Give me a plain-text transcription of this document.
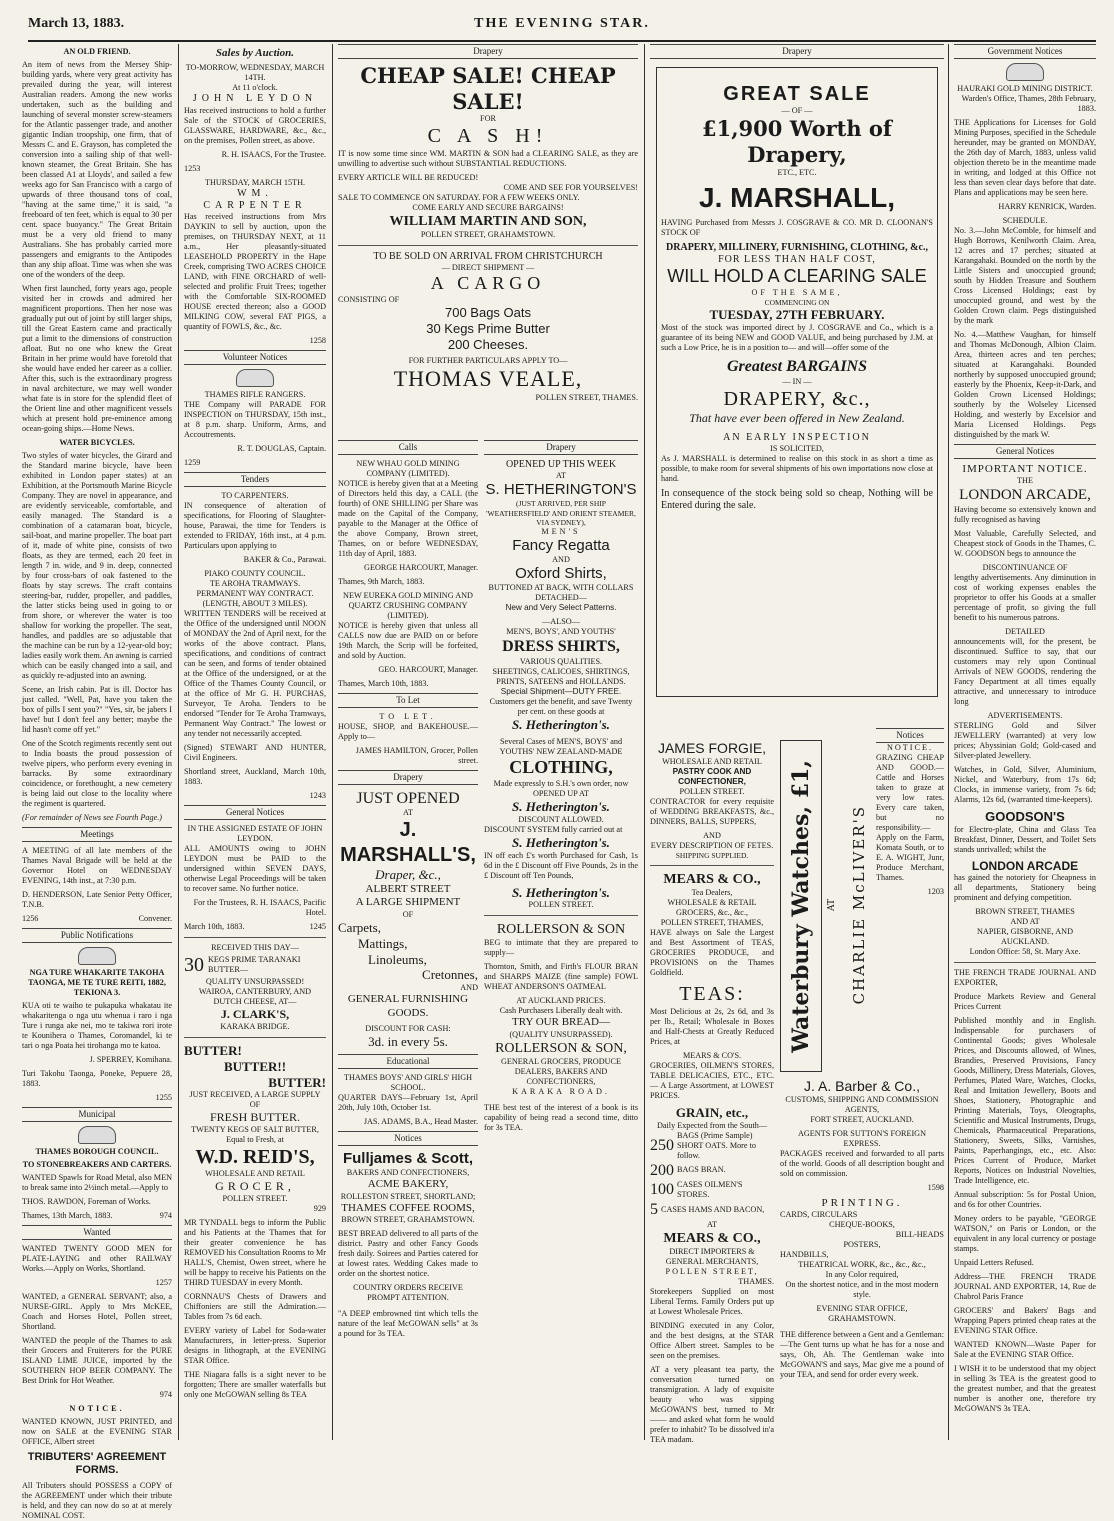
March 13, 1883.	THE EVENING STAR.
AN OLD FRIEND.

An item of news from the Mersey Ship-building yards, where very great activity has prevailed during the year, will interest Australian readers. Among the new works undertaken, such as the building and launching of several monster screw-steamers for the Atlantic passenger trade, and another gigantic Indian troopship, one firm, that of Messrs C. and E. Grayson, has completed the conversion into a sailing ship of that well-known steamer, the Great Britain. She has been classed A1 at Lloyds', and sailed a few weeks ago for San Francisco with a cargo of upwards of three thousand tons of coal, "having at the same time," it is said, "a freeboard of ten feet, which is equal to 30 per cent. space buoyancy." The Great Britain must be a very old friend to many Australians. She has probably carried more passengers and emigrants to the Antipodes than any ship afloat. Time was when she was one of the wonders of the deep.

When first launched, forty years ago, people visited her in crowds and admired her magnificent proportions. Then her nose was gradually put out of joint by still larger ships, till the Great Eastern came and practically put a limit to the dimensions of construction afloat. But no one who knew the Great Britain in her prime would have foretold that she would have ended her career as a collier. After this, such is the extraordinary progress in naval architecture, we may well wonder what fate is in store for the splendid fleet of the Orient line and other magnificent vessels which at present hold pre-eminence among ocean-going ships.—Home News.

WATER BICYCLES.

Two styles of water bicycles, the Girard and the Standard marine bicycle, have been exhibited in London paper states) at an Exhibition, at the Portsmouth Marine Bicycle Company. They are novel in appearance, and are evidently serviceable, comfortable, and easily managed. The Standard is a combination of a catamaran boat, bicycle, sail-boat, and marine propeller. The boat part of it, made of white pine, consists of two floats, as they are termed, each 20 feet in length 7 in. wide, and 9 in. deep, connected by four cross-bars of oak fastened to the floats by stay screws. The craft contains steering-bar, rudder, propeller, and paddles, the latter sticks being used in going to or from shore, or wherever the water is too shallow for working the propeller. The seat, handles, and paddles are so adjustable that the machine can be run by a 12-year-old boy; ladies easily work them. An awning is carried which can be easily changed into a sail, and as quickly re-adjusted into an awning.

Scene, an Irish cabin. Pat is ill. Doctor has just called. "Well, Pat, have you taken the box of pills I sent you?" "Yes, sir, be jabers I have! but I don't feel any better; maybe the lid hasn't come off yet."

One of the Scotch regiments recently sent out to India boasts the proud possession of twelve pipers, who perform every evening in barracks. By some extraordinary coincidence, or forethought, a new cemetery is being laid out close to the locality where the regiment is quartered.

(For remainder of News see Fourth Page.)

Meetings

A MEETING of all late members of the Thames Naval Brigade will be held at the Governor Hotel on WEDNESDAY EVENING, 14th inst., at 7:30 p.m.

D. HENDERSON, Late Senior Petty Officer, T.N.B.

1256	Convener.
Public Notifications
NGA TURE WHAKARITE TAKOHA TAONGA, ME TE TURE REITI, 1882, TEKIONA 3.

KUA oti te waiho te pukapuka whakatau ite whakaritenga o nga utu whenua i raro i nga Ture i runga ake nei, mo te takiwa rori irote te Kounihera o Thames, Coromandel, ki te tari o nga Poata hei tirohanga mo te katoa.

J. SPERREY, Komihana.

Turi Takohu Taonga, Poneke, Pepuere 28, 1883.

1255

Municipal
THAMES BOROUGH COUNCIL.
TO STONEBREAKERS AND CARTERS.

WANTED Spawls for Road Metal, also MEN to break same into 2½inch metal.—Apply to

THOS. RAWDON, Foreman of Works.

Thames, 13th March, 1883.	974
Wanted

WANTED TWENTY GOOD MEN for PLATE-LAYING and other RAILWAY Works.—Apply on Works, Shortland.

1257

WANTED, a GENERAL SERVANT; also, a NURSE-GIRL. Apply to Mrs McKEE, Coach and Horses Hotel, Pollen street, Shortland.

WANTED the people of the Thames to ask their Grocers and Fruiterers for the PURE ISLAND LIME JUICE, imported by the SOUTHERN HOP BEER COMPANY. The Best Drink for Hot Weather.

974

NOTICE.

WANTED KNOWN, JUST PRINTED, and now on SALE at the EVENING STAR OFFICE, Albert street

TRIBUTERS' AGREEMENT FORMS.

All Tributers should POSSESS a COPY of the AGREEMENT under which their tribute is held, and they can now do so at at merely NOMINAL COST.

Sales by Auction.
TO-MORROW, WEDNESDAY, MARCH 14TH.
At 11 o'clock.
JOHN LEYDON

Has received instructions to hold a further Sale of the STOCK of GROCERIES, GLASSWARE, HARDWARE, &c., &c., on the premises, Pollen street, as above.

R. H. ISAACS, For the Trustee.

1253

THURSDAY, MARCH 15TH.
WM. CARPENTER

Has received instructions from Mrs DAYKIN to sell by auction, upon the premises, on THURSDAY NEXT, at 11 a.m., Her pleasantly-situated LEASEHOLD PROPERTY in the Hape Creek, comprising TWO ACRES CHOICE LAND, with FINE ORCHARD of well-selected and prolific Fruit Trees; together with the Comfortable SIX-ROOMED HOUSE erected thereon; also a GOOD MILKING COW, several FAT PIGS, a quantity of FOWLS, &c., &c.

1258

Volunteer Notices
THAMES RIFLE RANGERS.

THE Company will PARADE FOR INSPECTION on THURSDAY, 15th inst., at 8 p.m. sharp. Uniform, Arms, and Accoutrements.

R. T. DOUGLAS, Captain.

1259

Tenders
TO CARPENTERS.

IN consequence of alteration of specifications, for Flooring of Slaughter-house, Parawai, the time for Tenders is extended to FRIDAY, 16th inst., at 4 p.m. Particulars upon applying to

BAKER & Co., Parawai.

PIAKO COUNTY COUNCIL.
TE AROHA TRAMWAYS.
PERMANENT WAY CONTRACT.
(LENGTH, ABOUT 3 MILES).

WRITTEN TENDERS will be received at the Office of the undersigned until NOON of MONDAY the 2nd of April next, for the works of the above contract. Plans, specifications, and conditions of contract can be seen, and forms of tender obtained at the Office of the undersigned, or at the Office of the Thames County Council, or at the office of Mr G. H. PURCHAS, Surveyor, Te Aroha. Tenders to be endorsed "Tender for Te Aroha Tramways, Permanent Way Contract." The lowest or any tender not necessarily accepted.

(Signed) STEWART AND HUNTER, Civil Engineers.

Shortland street, Auckland, March 10th, 1883.

1243

General Notices
IN THE ASSIGNED ESTATE OF JOHN LEYDON.

ALL AMOUNTS owing to JOHN LEYDON must be PAID to the undersigned within SEVEN DAYS, otherwise Legal Proceedings will be taken to recover same. No further notice.

For the Trustees, R. H. ISAACS, Pacific Hotel.

March 10th, 1883.	1245
RECEIVED THIS DAY—
30 KEGS PRIME TARANAKI BUTTER—
QUALITY UNSURPASSED!
WAIROA, CANTERBURY, AND DUTCH CHEESE, AT—
J. CLARK'S,
KARAKA BRIDGE.
BUTTER!
BUTTER!!
BUTTER!
JUST RECEIVED, A LARGE SUPPLY OF
FRESH BUTTER.
TWENTY KEGS OF SALT BUTTER, Equal to Fresh, at
W.D. REID'S,
WHOLESALE AND RETAIL
GROCER,
POLLEN STREET.

929

MR TYNDALL begs to inform the Public and his Patients at the Thames that for their greater convenience he has REMOVED his Consultation Rooms to Mr HALL'S, Chemist, Owen street, where he will be happy to receive his Patients on the THIRD TUESDAY in every Month.

CORNNAU'S Chests of Drawers and Chiffoniers are still the Admiration.—Tables from 7s 6d each.

EVERY variety of Label for Soda-water Manufacturers, in letter-press. Superior designs in lithograph, at the EVENING STAR Office.

THE Niagara falls is a sight never to be forgotten; There are smaller waterfalls but only one McGOWAN selling 8s TEA

Drapery
CHEAP SALE! CHEAP SALE!
FOR
C A S H!

IT is now some time since WM. MARTIN & SON had a CLEARING SALE, as they are unwilling to advertise such without SUBSTANTIAL REDUCTIONS.

EVERY ARTICLE WILL BE REDUCED!
COME AND SEE FOR YOURSELVES!
SALE TO COMMENCE ON SATURDAY. FOR A FEW WEEKS ONLY.
COME EARLY AND SECURE BARGAINS!
WILLIAM MARTIN AND SON,
POLLEN STREET, GRAHAMSTOWN.
TO BE SOLD ON ARRIVAL FROM CHRISTCHURCH
— DIRECT SHIPMENT —
A CARGO
CONSISTING OF
700 Bags Oats
30 Kegs Prime Butter
200 Cheeses.
FOR FURTHER PARTICULARS APPLY TO—
THOMAS VEALE,
POLLEN STREET, THAMES.
Calls
NEW WHAU GOLD MINING COMPANY (LIMITED).

NOTICE is hereby given that at a Meeting of Directors held this day, a CALL (the fourth) of ONE SHILLING per Share was made on the Capital of the Company, payable to the Manager at the Office of the above Company, Brown street, Thames, on or before WEDNESDAY, 11th day of April, 1883.

GEORGE HARCOURT, Manager.

Thames, 9th March, 1883.

NEW EUREKA GOLD MINING AND QUARTZ CRUSHING COMPANY (LIMITED).

NOTICE is hereby given that unless all CALLS now due are PAID on or before 19th March, the Scrip will be forfeited, and sold by Auction.

GEO. HARCOURT, Manager.

Thames, March 10th, 1883.

To Let
TO LET.

HOUSE, SHOP, and BAKEHOUSE.— Apply to—

JAMES HAMILTON, Grocer, Pollen street.

Drapery
JUST OPENED
AT
J. MARSHALL'S,
Draper, &c.,
ALBERT STREET
A LARGE SHIPMENT
OF
Carpets,
Mattings,
Linoleums,
Cretonnes,
AND
GENERAL FURNISHING GOODS.
DISCOUNT FOR CASH:
3d. in every 5s.
Educational
THAMES BOYS' AND GIRLS' HIGH SCHOOL.

QUARTER DAYS—February 1st, April 20th, July 10th, October 1st.

JAS. ADAMS, B.A., Head Master.

Notices
Fulljames & Scott,
BAKERS AND CONFECTIONERS,
ACME BAKERY,
ROLLESTON STREET, SHORTLAND;
THAMES COFFEE ROOMS,
BROWN STREET, GRAHAMSTOWN.

BEST BREAD delivered to all parts of the district. Pastry and other Fancy Goods fresh daily. Soirees and Parties catered for at lowest rates. Wedding Cakes made to order on the shortest notice.

COUNTRY ORDERS RECEIVE PROMPT ATTENTION.

"A DEEP embrowned tint which tells the nature of the leaf McGOWAN sells" at 3s a pound for 3s TEA.

Drapery
OPENED UP THIS WEEK
AT
S. HETHERINGTON'S
(JUST ARRIVED, PER SHIP 'WEATHERSFIELD' AND ORIENT STEAMER, VIA SYDNEY),
MEN'S
Fancy Regatta
AND
Oxford Shirts,
BUTTONED AT BACK, WITH COLLARS DETACHED—
New and Very Select Patterns.
—ALSO—
MEN'S, BOYS', AND YOUTHS'
DRESS SHIRTS,
VARIOUS QUALITIES.
SHEETINGS, CALICOES, SHIRTINGS, PRINTS, SATEENS and HOLLANDS.
Special Shipment—DUTY FREE.
Customers get the benefit, and save Twenty per cent. on these goods at
S. Hetherington's.
Several Cases of MEN'S, BOYS' and YOUTHS' NEW ZEALAND-MADE
CLOTHING,
Made expressly to S.H.'s own order, now OPENED UP AT
S. Hetherington's.
DISCOUNT ALLOWED.
DISCOUNT SYSTEM fully carried out at
S. Hetherington's.

IN off each £'s worth Purchased for Cash, 1s 6d in the £ Discount off Five Pounds, 2s in the £ Discount off Ten Pounds,

S. Hetherington's.
POLLEN STREET.
ROLLERSON & SON

BEG to intimate that they are prepared to supply—

Thornton, Smith, and Firth's FLOUR BRAN and SHARPS MAIZE (fine sample) FOWL WHEAT ANDERSON'S OATMEAL

AT AUCKLAND PRICES.
Cash Purchasers Liberally dealt with.
TRY OUR BREAD—
(QUALITY UNSURPASSED).
ROLLERSON & SON,
GENERAL GROCERS, PRODUCE DEALERS, BAKERS AND CONFECTIONERS,
KARAKA ROAD.

THE best test of the interest of a book is its capability of being read a second time, ditto for 3s TEA.

Drapery
GREAT SALE
— OF —
£1,900 Worth of Drapery,
ETC., ETC.
J. MARSHALL,

HAVING Purchased from Messrs J. COSGRAVE & CO. MR D. CLOONAN'S STOCK OF

DRAPERY, MILLINERY, FURNISHING, CLOTHING, &c.,
FOR LESS THAN HALF COST,
WILL HOLD A CLEARING SALE
OF THE SAME,
COMMENCING ON
TUESDAY, 27TH FEBRUARY.

Most of the stock was imported direct by J. COSGRAVE and Co., which is a guarantee of its being NEW and GOOD VALUE, and being purchased by J.M. at such a Low Price, he is in a position to— and will—offer some of the

Greatest BARGAINS
— IN —
DRAPERY, &c.,
That have ever been offered in New Zealand.
AN EARLY INSPECTION
IS SOLICITED,

As J. MARSHALL is determined to realise on this stock in as short a time as possible, to make room for several shipments of his own importations now close at hand.

In consequence of the stock being sold so cheap, Nothing will be Entered during the sale.

JAMES FORGIE,
WHOLESALE AND RETAIL
PASTRY COOK AND CONFECTIONER,
POLLEN STREET.

CONTRACTOR for every requisite of WEDDING BREAKFASTS, &c., DINNERS, BALLS, SUPPERS,

AND
EVERY DESCRIPTION OF FETES.
SHIPPING SUPPLIED.
MEARS & CO.,
Tea Dealers,
WHOLESALE & RETAIL GROCERS, &c., &c.,
POLLEN STREET, THAMES,

HAVE always on Sale the Largest and Best Assortment of TEAS, GROCERIES PRODUCE, and PROVISIONS on the Thames Goldfield.

TEAS:

Most Delicious at 2s, 2s 6d, and 3s per lb., Retail; Wholesale in Boxes and Half-Chests at Greatly Reduced Prices, at

MEARS & CO'S.

GROCERIES, OILMEN'S STORES, TABLE DELICACIES, ETC., ETC.— A Large Assortment, at LOWEST PRICES.

GRAIN, etc.,
Daily Expected from the South—
250
BAGS (Prime Sample) SHORT OATS. More to follow.
200 BAGS BRAN.
100 CASES OILMEN'S STORES.
5 CASES HAMS AND BACON,
AT
MEARS & CO.,
DIRECT IMPORTERS & GENERAL MERCHANTS,
POLLEN STREET,
THAMES.

Storekeepers Supplied on most Liberal Terms. Family Orders put up at Lowest Wholesale Prices.

BINDING executed in any Color, and the best designs, at the STAR Office Albert street. Samples to be seen on the premises.

AT a very pleasant tea party, the conversation turned on transmigration. A lady of exquisite beauty who was sipping McGOWAN'S best, turned to Mr —— and asked what form he would prefer to inhabit? To be dissolved in'a TEA madam.

Waterbury Watches, £1, AT CHARLIE McLIVER'S
Notices
NOTICE.

GRAZING CHEAP AND GOOD.— Cattle and Horses taken to graze at very low rates. Every care taken, but no responsibility.—Apply on the Farm, Komata South, or to E. A. WIGHT, Junr, Produce Merchant, Thames.

1203

J. A. Barber & Co.,
CUSTOMS, SHIPPING AND COMMISSION AGENTS,
FORT STREET, AUCKLAND.
AGENTS FOR SUTTON'S FOREIGN EXPRESS.

PACKAGES received and forwarded to all parts of the world. Goods of all description bought and sold on commission.

1598

PRINTING.
CARDS, CIRCULARS
CHEQUE-BOOKS,
BILL-HEADS
POSTERS,
HANDBILLS,
THEATRICAL WORK, &c., &c., &c.,
In any Color required,
On the shortest notice, and in the most modern style.
EVENING STAR OFFICE,
GRAHAMSTOWN.

THE difference between a Gent and a Gentleman:—The Gent turns up what he has for a nose and says, Oh, Ah. The Gentleman wake into McGOWAN'S and says, Mac give me a pound of your TEA, and send for order every week.

Government Notices
HAURAKI GOLD MINING DISTRICT.

Warden's Office, Thames, 28th February, 1883.

THE Applications for Licenses for Gold Mining Purposes, specified in the Schedule hereunder, may be granted on MONDAY, the 26th day of March, 1883, unless valid objection thereto be in the meantime made in writing, and lodged at this Office not less than seven clear days before that date. Plans and applications may be seen here.

HARRY KENRICK, Warden.

SCHEDULE.

No. 3.—John McComble, for himself and Hugh Borrows, Kenilworth Claim. Area, 12 acres and 17 perches; situated at Karangahaki. Bounded on the north by the Little Sisters and unoccupied ground; south by Hidden Treasure and Southern Cross Licensed Holdings; east by unoccupied ground, and west by the Golden Crown claim. Pegs distinguished by the mark

No. 4.—Matthew Vaughan, for himself and Thomas McDonough, Albion Claim. Area, thirteen acres and ten perches; situated at Karangahaki. Bounded northerly by supposed unoccupied ground; easterly by the Phoenix, Keep-it-Dark, and Golden Crown Licensed Holdings; southerly by the Wolseley Licensed Holding, and westerly by Excelsior and Maria Licensed Holdings. Pegs distinguished by the mark W.

General Notices
IMPORTANT NOTICE.
THE
LONDON ARCADE,

Having become so extensively known and fully recognised as having

Most Valuable, Carefully Selected, and Cheapest stock of Goods in the Thames, C. W. GOODSON begs to announce the

DISCONTINUANCE OF

lengthy advertisements. Any diminution in cost of working expenses enables the proprietor to offer his Goods at a smaller percentage of profit, so giving the full benefit to his numerous patrons.

DETAILED

announcements will, for the present, be discontinued. Suffice to say, that our customers may rely upon Continual Arrivals of NEW GOODS, rendering the Fancy Department at all times equally attractive, and unnecessary to introduce long

ADVERTISEMENTS.

STERLING Gold and Silver JEWELLERY (warranted) at very low prices; Abyssinian Gold; Gold-cased and Silver-plated Jewellery.

Watches, in Gold, Silver, Aluminium, Nickel, and Waterbury, from 17s 6d; Clocks, in immense variety, from 7s 6d; Alarms, 12s 6d, (warranted time-keepers).

GOODSON'S

for Electro-plate, China and Glass Tea Breakfast, Dinner, Dessert, and Toilet Sets stands unrivalled; whilst the

LONDON ARCADE

has gained the notoriety for Cheapness in all departments, Stationery being prominent and defying competition.

BROWN STREET, THAMES
AND AT
NAPIER, GISBORNE, AND AUCKLAND.
London Office: 58, St. Mary Axe.

THE FRENCH TRADE JOURNAL AND EXPORTER,

Produce Markets Review and General Prices Current

Published monthly and in English. Indispensable for purchasers of Continental Goods; gives Wholesale Prices, and Discounts allowed, of Wines, Brandies, Preserved Provisions, Fancy Goods, Millinery, Dress Materials, Gloves, Perfumes, Plated Ware, Watches, Clocks, Real and Imitation Jewellery, Boots and Shoes, Stationery, Photographic and Printing Materials, Toys, Oleographs, Scientific and Musical Instruments, Drugs, Chemicals, Pharmaceutical Preparations, Stationery, Sweets, Silks, Varnishes, Paints, Paperhangings, etc., etc. Also: Prices Current of Produce, Market Reports, Notices on Industrial Novelties, Trade Intelligence, etc.

Annual subscription: 5s for Postal Union, and 6s for other Countries.

Money orders to be payable, "GEORGE WATSON," on Paris or London, or the equivalent in any local currency or postage stamps.

Unpaid Letters Refused.

Address—THE FRENCH TRADE JOURNAL AND EXPORTER, 14, Rue de Chabrol Paris France

GROCERS' and Bakers' Bags and Wrapping Papers printed cheap rates at the EVENING STAR Office.

WANTED KNOWN—Waste Paper for Sale at the EVENING STAR Office.

I WISH it to be understood that my object in selling 3s TEA is the greatest good to the greatest number, and that the greatest number is another one, therefore try McGOWAN'S 3s TEA.
